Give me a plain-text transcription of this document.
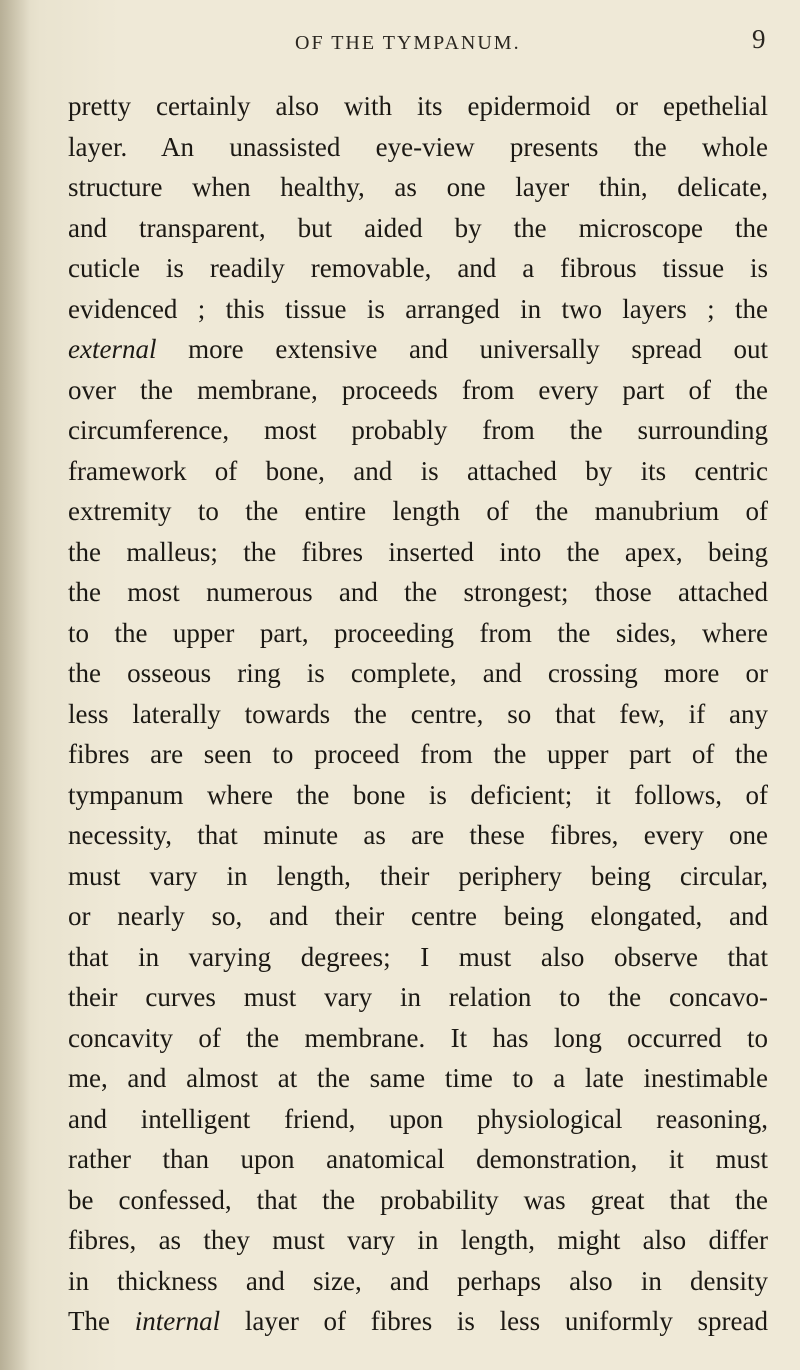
OF THE TYMPANUM.	9
pretty certainly also with its epidermoid or epethelial
layer. An unassisted eye-view presents the whole
structure when healthy, as one layer thin, delicate,
and transparent, but aided by the microscope the
cuticle is readily removable, and a fibrous tissue is
evidenced ; this tissue is arranged in two layers ; the
external more extensive and universally spread out
over the membrane, proceeds from every part of the
circumference, most probably from the surrounding
framework of bone, and is attached by its centric
extremity to the entire length of the manubrium of
the malleus; the fibres inserted into the apex, being
the most numerous and the strongest; those attached
to the upper part, proceeding from the sides, where
the osseous ring is complete, and crossing more or
less laterally towards the centre, so that few, if any
fibres are seen to proceed from the upper part of the
tympanum where the bone is deficient; it follows, of
necessity, that minute as are these fibres, every one
must vary in length, their periphery being circular,
or nearly so, and their centre being elongated, and
that in varying degrees; I must also observe that
their curves must vary in relation to the concavo-
concavity of the membrane. It has long occurred to
me, and almost at the same time to a late inestimable
and intelligent friend, upon physiological reasoning,
rather than upon anatomical demonstration, it must
be confessed, that the probability was great that the
fibres, as they must vary in length, might also differ
in thickness and size, and perhaps also in density
The internal layer of fibres is less uniformly spread
